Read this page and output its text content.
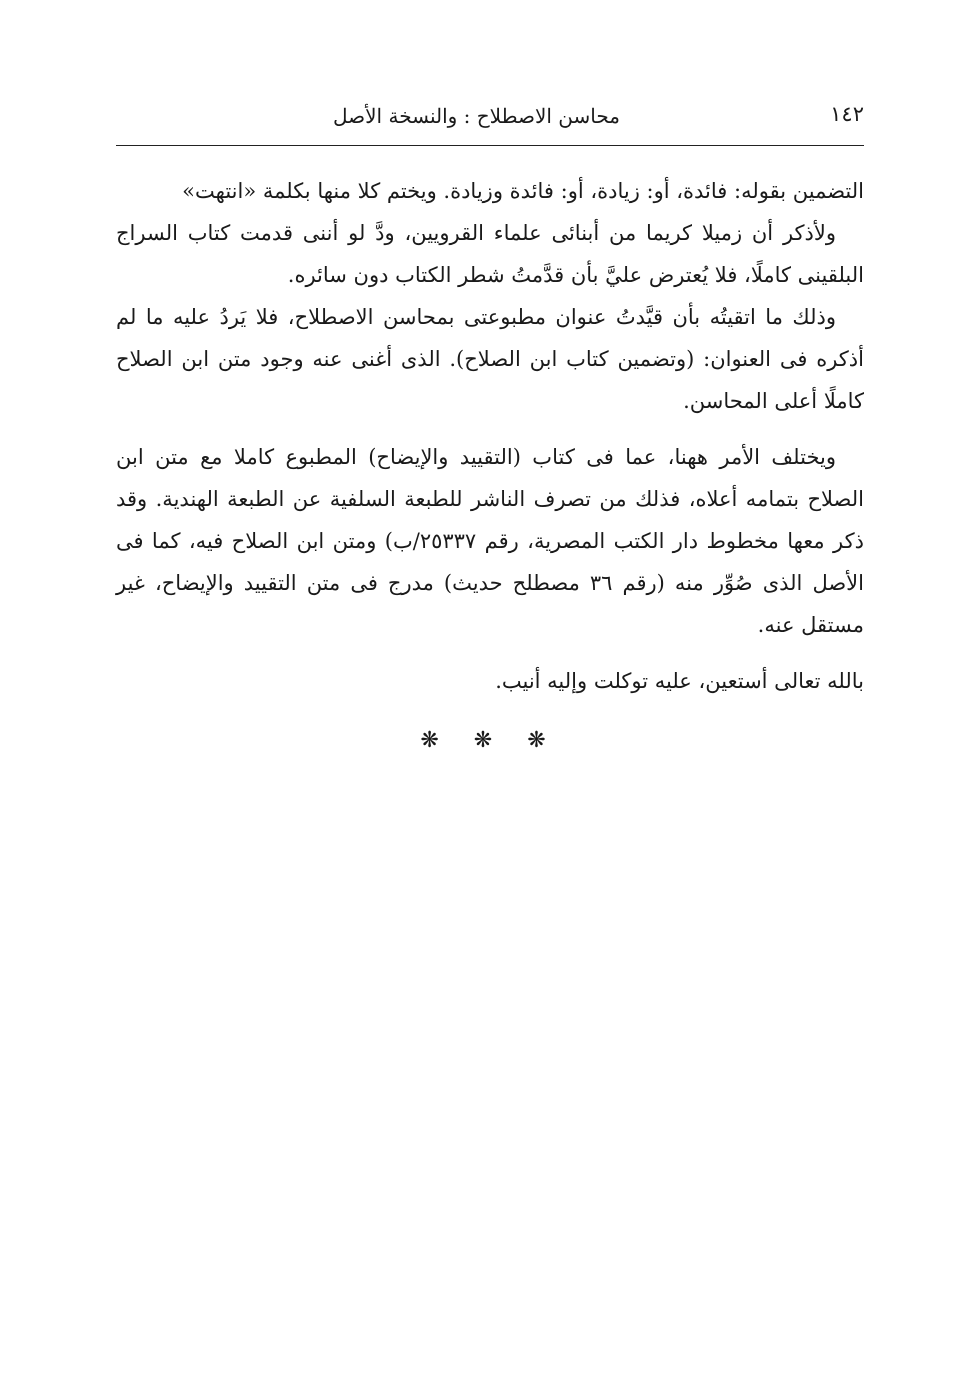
١٤٢
محاسن الاصطلاح : والنسخة الأصل

التضمين بقوله: فائدة، أو: زيادة، أو: فائدة وزيادة. ويختم كلا منها بكلمة «انتهت»

ولأذكر أن زميلا كريما من أبنائى علماء القرويين، ودَّ لو أننى قدمت كتاب السراج البلقينى كاملًا، فلا يُعترض عليَّ بأن قدَّمتُ شطر الكتاب دون سائره.

وذلك ما اتقيتُه بأن قيَّدتُ عنوان مطبوعتى بمحاسن الاصطلاح، فلا يَردُ عليه ما لم أذكره فى العنوان: (وتضمين كتاب ابن الصلاح). الذى أغنى عنه وجود متن ابن الصلاح كاملًا أعلى المحاسن.

ويختلف الأمر ههنا، عما فى كتاب (التقييد والإيضاح) المطبوع كاملا مع متن ابن الصلاح بتمامه أعلاه، فذلك من تصرف الناشر للطبعة السلفية عن الطبعة الهندية. وقد ذكر معها مخطوط دار الكتب المصرية، رقم ٢٥٣٣٧/ب) ومتن ابن الصلاح فيه، كما فى الأصل الذى صُوِّر منه (رقم ٣٦ مصطلح حديث) مدرج فى متن التقييد والإيضاح، غير مستقل عنه.

بالله تعالى أستعين، عليه توكلت وإليه أنيب.

❋ ❋ ❋
